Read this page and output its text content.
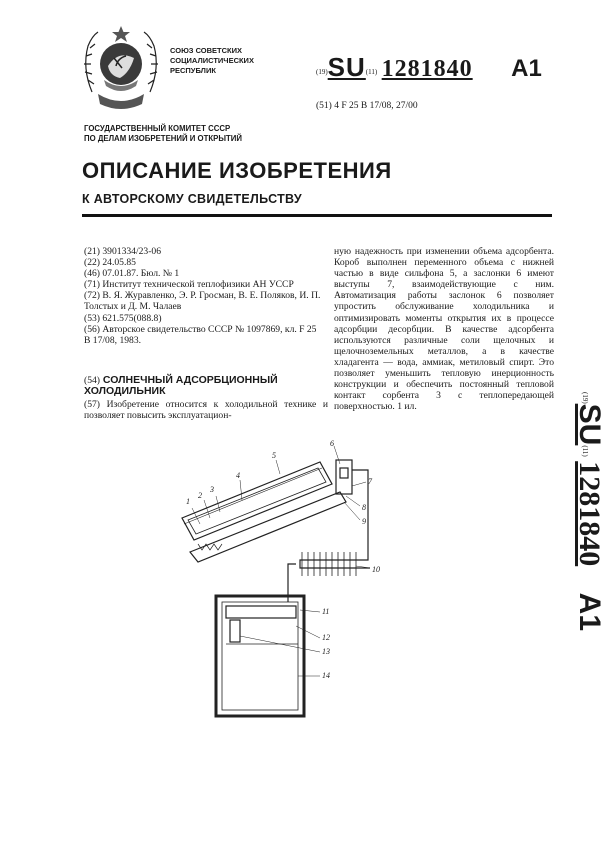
СОЮЗ СОВЕТСКИХ
СОЦИАЛИСТИЧЕСКИХ
РЕСПУБЛИК	(19)SU(11) 1281840 A1
(51) 4 F 25 B 17/08, 27/00
ГОСУДАРСТВЕННЫЙ КОМИТЕТ СССР
ПО ДЕЛАМ ИЗОБРЕТЕНИЙ И ОТКРЫТИЙ
ОПИСАНИЕ ИЗОБРЕТЕНИЯ
К АВТОРСКОМУ СВИДЕТЕЛЬСТВУ

(21) 3901334/23-06

(22) 24.05.85

(46) 07.01.87. Бюл. № 1

(71) Институт технической теплофизики АН УССР

(72) В. Я. Журавленко, Э. Р. Гросман, В. Е. Поляков, И. П. Толстых и Д. М. Чалаев

(53) 621.575(088.8)

(56) Авторское свидетельство СССР № 1097869, кл. F 25 В 17/08, 1983.

(54) СОЛНЕЧНЫЙ АДСОРБЦИОННЫЙ ХОЛОДИЛЬНИК
(57) Изобретение относится к холодильной технике и позволяет повысить эксплуатацион-
ную надежность при изменении объема адсорбента. Короб выполнен переменного объема с нижней частью в виде сильфона 5, а заслонки 6 имеют выступы 7, взаимодействующие с ним. Автоматизация работы заслонок 6 позволяет упростить обслуживание холодильника и оптимизировать моменты открытия их в процессе адсорбции десорбции. В качестве адсорбента используются различные соли щелочных и щелочноземельных металлов, а в качестве хладагента — вода, аммиак, метиловый спирт. Это позволяет уменьшить тепловую инерционность конструкции и обеспечить постоянный тепловой контакт сорбента 3 с теплопередающей поверхностью. 1 ил.
(19)SU(11) 1281840 A1
1
2
3
4
5
6
7
8
9
10
11
12
13
14
